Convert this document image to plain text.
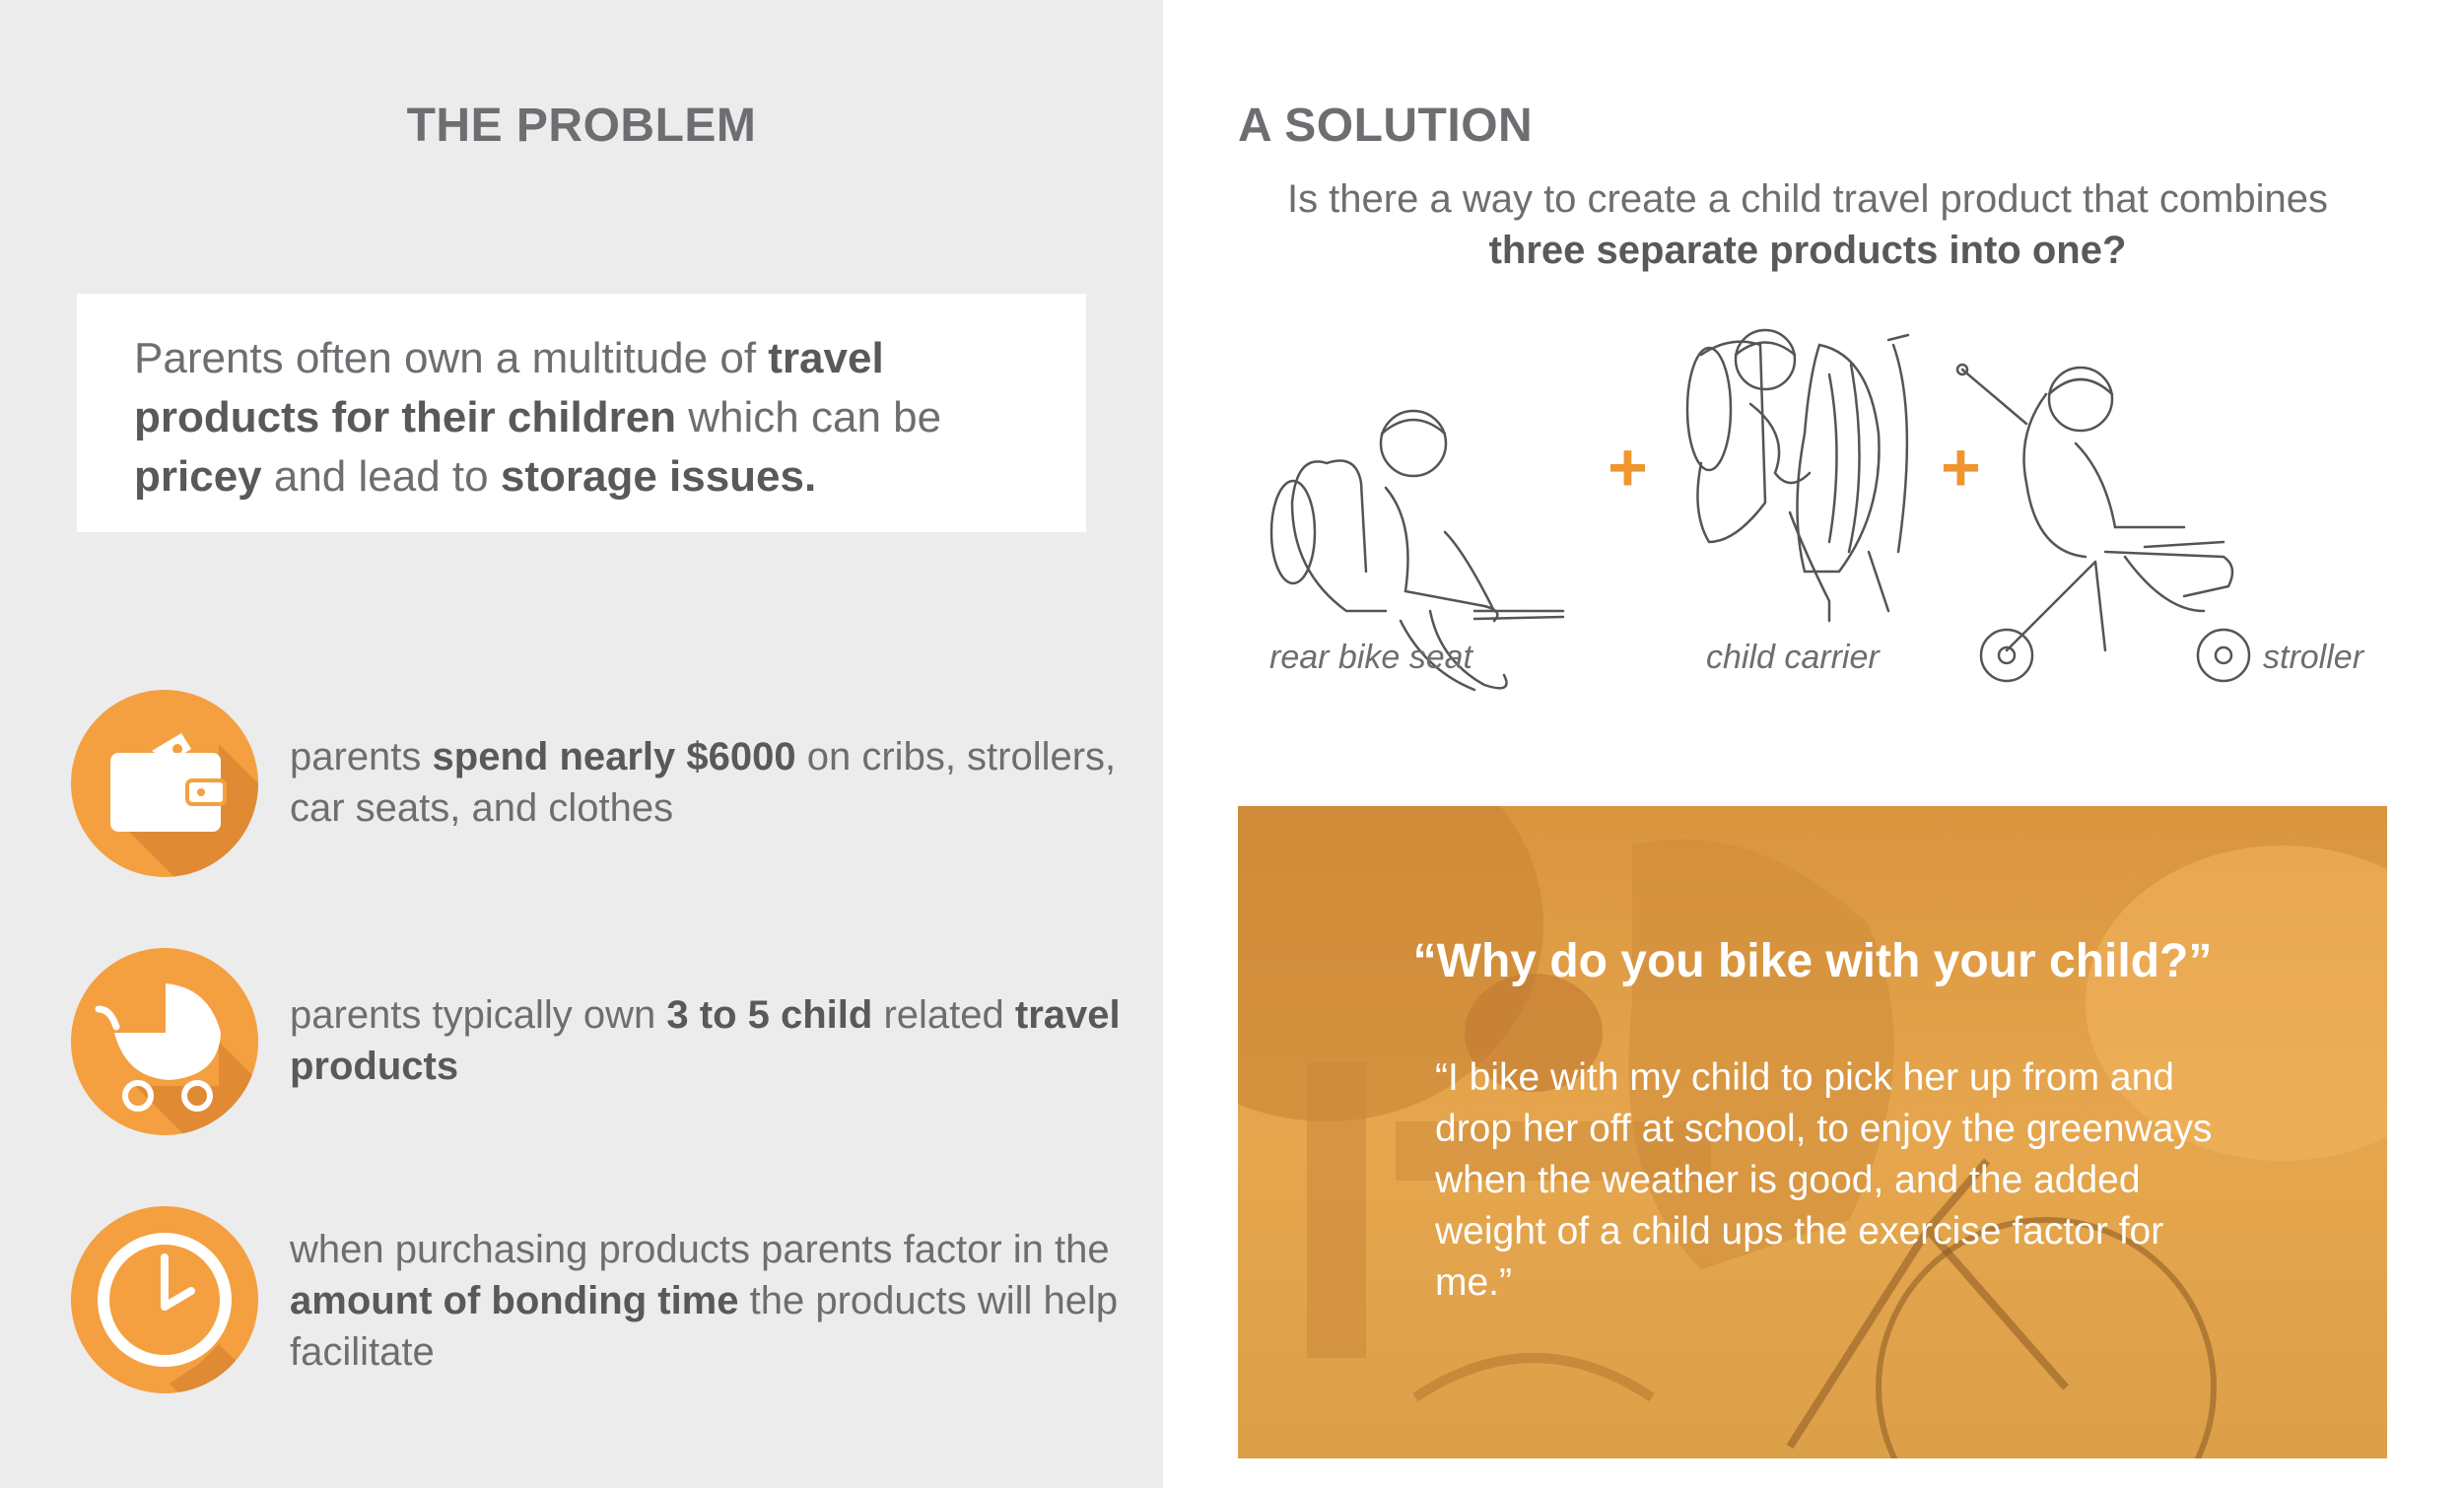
THE PROBLEM
Parents often own a multitude of travel products for their children which can be pricey and lead to storage issues.
parents spend nearly $6000 on cribs, strollers, car seats, and clothes
parents typically own 3 to 5 child related travel products
when purchasing products parents factor in the amount of bonding time the products will help facilitate
A SOLUTION
Is there a way to create a child travel product that combines three separate products into one?
+	+
rear bike seat	child carrier	stroller
“Why do you bike with your child?”
“I bike with my child to pick her up from and drop her off at school, to enjoy the greenways when the weather is good, and the added weight of a child ups the exercise factor for me.”
